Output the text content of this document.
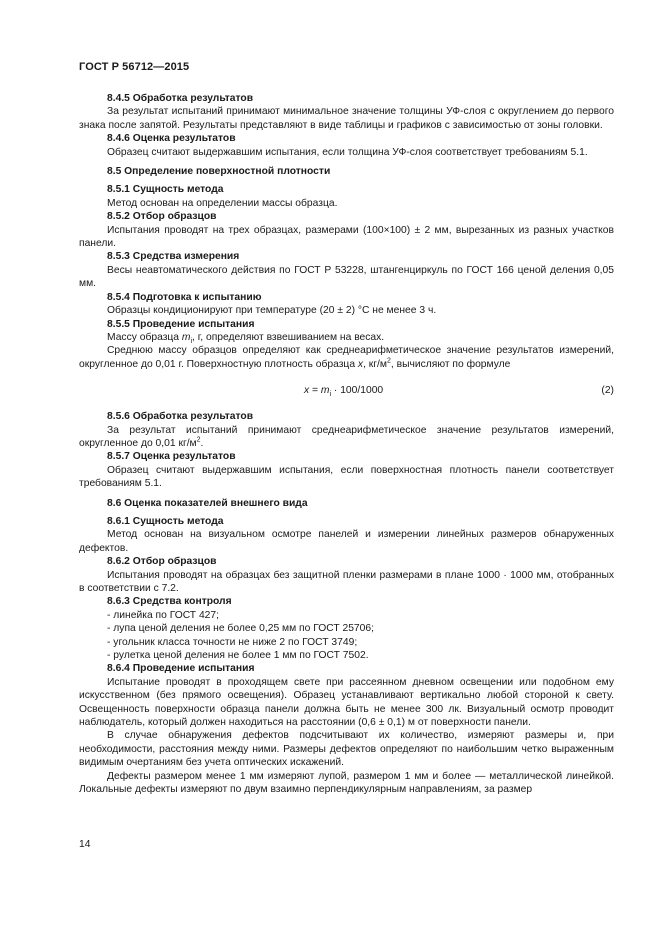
ГОСТ Р 56712—2015

8.4.5 Обработка результатов

За результат испытаний принимают минимальное значение толщины УФ-слоя с округлением до первого знака после запятой. Результаты представляют в виде таблицы и графиков с зависимостью от зоны головки.

8.4.6 Оценка результатов

Образец считают выдержавшим испытания, если толщина УФ-слоя соответствует требованиям 5.1.

8.5 Определение поверхностной плотности

8.5.1 Сущность метода

Метод основан на определении массы образца.

8.5.2 Отбор образцов

Испытания проводят на трех образцах, размерами (100×100) ± 2 мм, вырезанных из разных участков панели.

8.5.3 Средства измерения

Весы неавтоматического действия по ГОСТ Р 53228, штангенциркуль по ГОСТ 166 ценой деления 0,05 мм.

8.5.4 Подготовка к испытанию

Образцы кондиционируют при температуре (20 ± 2) °С не менее 3 ч.

8.5.5 Проведение испытания

Массу образца $m_i$, г, определяют взвешиванием на весах.

Среднюю массу образцов определяют как среднеарифметическое значение результатов измерений, округленное до 0,01 г. Поверхностную плотность образца x, $кг/м^2$, вычисляют по формуле

$x = m_i \cdot 100/1000$	(2)

8.5.6 Обработка результатов

За результат испытаний принимают среднеарифметическое значение результатов измерений, округленное до 0,01 $кг/м^2$.

8.5.7 Оценка результатов

Образец считают выдержавшим испытания, если поверхностная плотность панели соответствует требованиям 5.1.

8.6 Оценка показателей внешнего вида

8.6.1 Сущность метода

Метод основан на визуальном осмотре панелей и измерении линейных размеров обнаруженных дефектов.

8.6.2 Отбор образцов

Испытания проводят на образцах без защитной пленки размерами в плане 1000 · 1000 мм, отобранных в соответствии с 7.2.

8.6.3 Средства контроля

- линейка по ГОСТ 427;

- лупа ценой деления не более 0,25 мм по ГОСТ 25706;

- угольник класса точности не ниже 2 по ГОСТ 3749;

- рулетка ценой деления не более 1 мм по ГОСТ 7502.

8.6.4 Проведение испытания

Испытание проводят в проходящем свете при рассеянном дневном освещении или подобном ему искусственном (без прямого освещения). Образец устанавливают вертикально любой стороной к свету. Освещенность поверхности образца панели должна быть не менее 300 лк. Визуальный осмотр проводит наблюдатель, который должен находиться на расстоянии (0,6 ± 0,1) м от поверхности панели.

В случае обнаружения дефектов подсчитывают их количество, измеряют размеры и, при необходимости, расстояния между ними. Размеры дефектов определяют по наибольшим четко выраженным видимым очертаниям без учета оптических искажений.

Дефекты размером менее 1 мм измеряют лупой, размером 1 мм и более — металлической линейкой. Локальные дефекты измеряют по двум взаимно перпендикулярным направлениям, за размер

14
